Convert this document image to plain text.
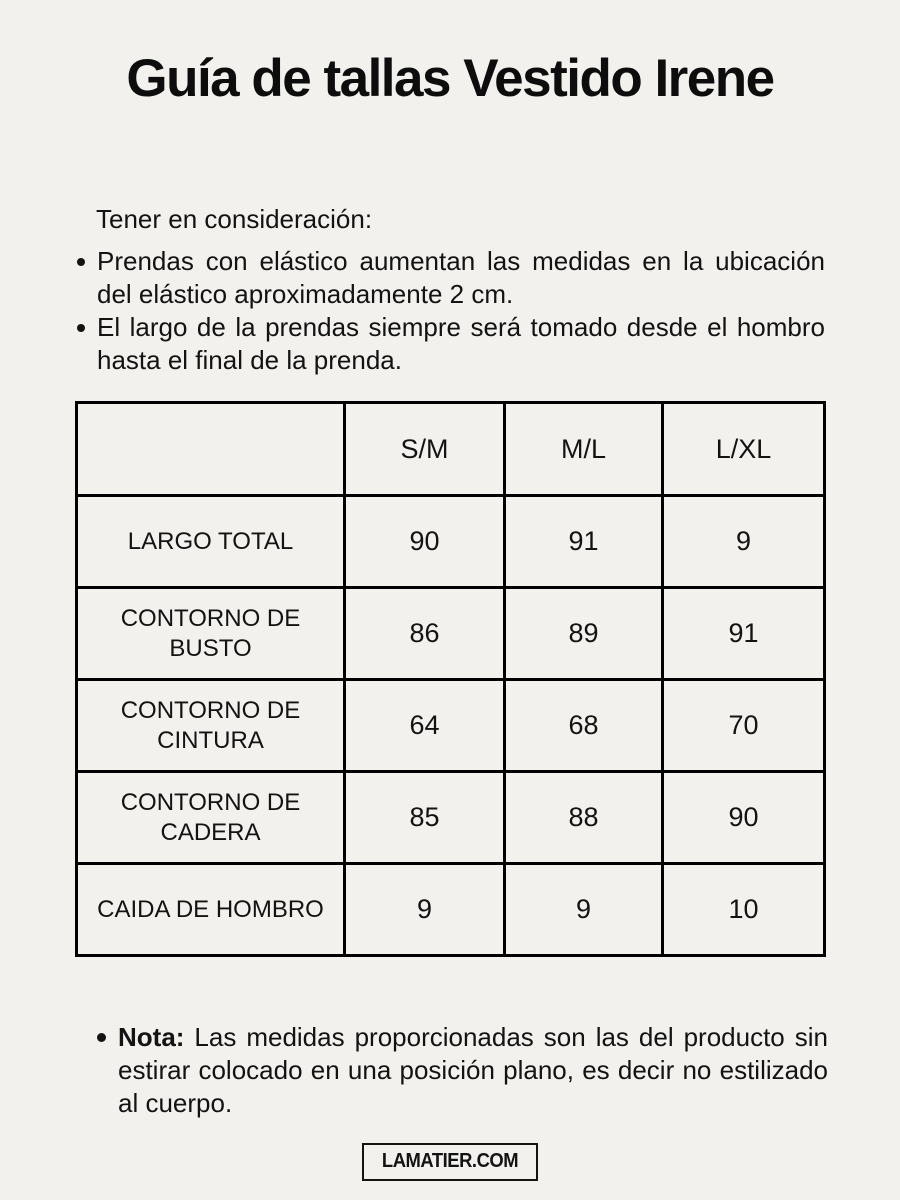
Guía de tallas Vestido Irene
Tener en consideración:
Prendas con elástico aumentan las medidas en la ubicación del elástico aproximadamente 2 cm.
El largo de la prendas siempre será tomado desde el hombro hasta el final de la prenda.
	S/M	M/L	L/XL
LARGO TOTAL	90	91	9
CONTORNO DE BUSTO	86	89	91
CONTORNO DE CINTURA	64	68	70
CONTORNO DE CADERA	85	88	90
CAIDA DE HOMBRO	9	9	10
Nota: Las medidas proporcionadas son las del producto sin estirar colocado en una posición plano, es decir no estilizado al cuerpo.
LAMATIER.COM
